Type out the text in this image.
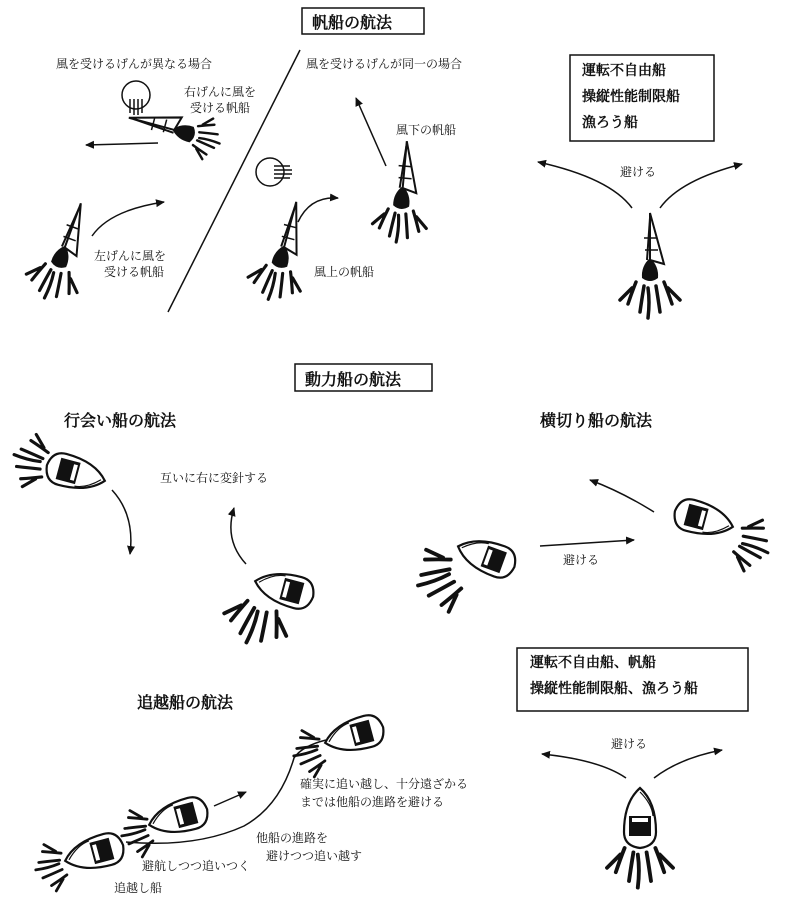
帆船の航法
風を受けるげんが異なる場合	風を受けるげんが同一の場合
右げんに風を
受ける帆船
左げんに風を
受ける帆船
風下の帆船
風上の帆船
運転不自由船
操縦性能制限船
漁ろう船
避ける
動力船の航法
行会い船の航法
互いに右に変針する
横切り船の航法
避ける
運転不自由船、帆船
操縦性能制限船、漁ろう船
避ける
追越船の航法
確実に追い越し、十分遠ざかる
までは他船の進路を避ける
他船の進路を
避けつつ追い越す
避航しつつ追いつく
追越し船
